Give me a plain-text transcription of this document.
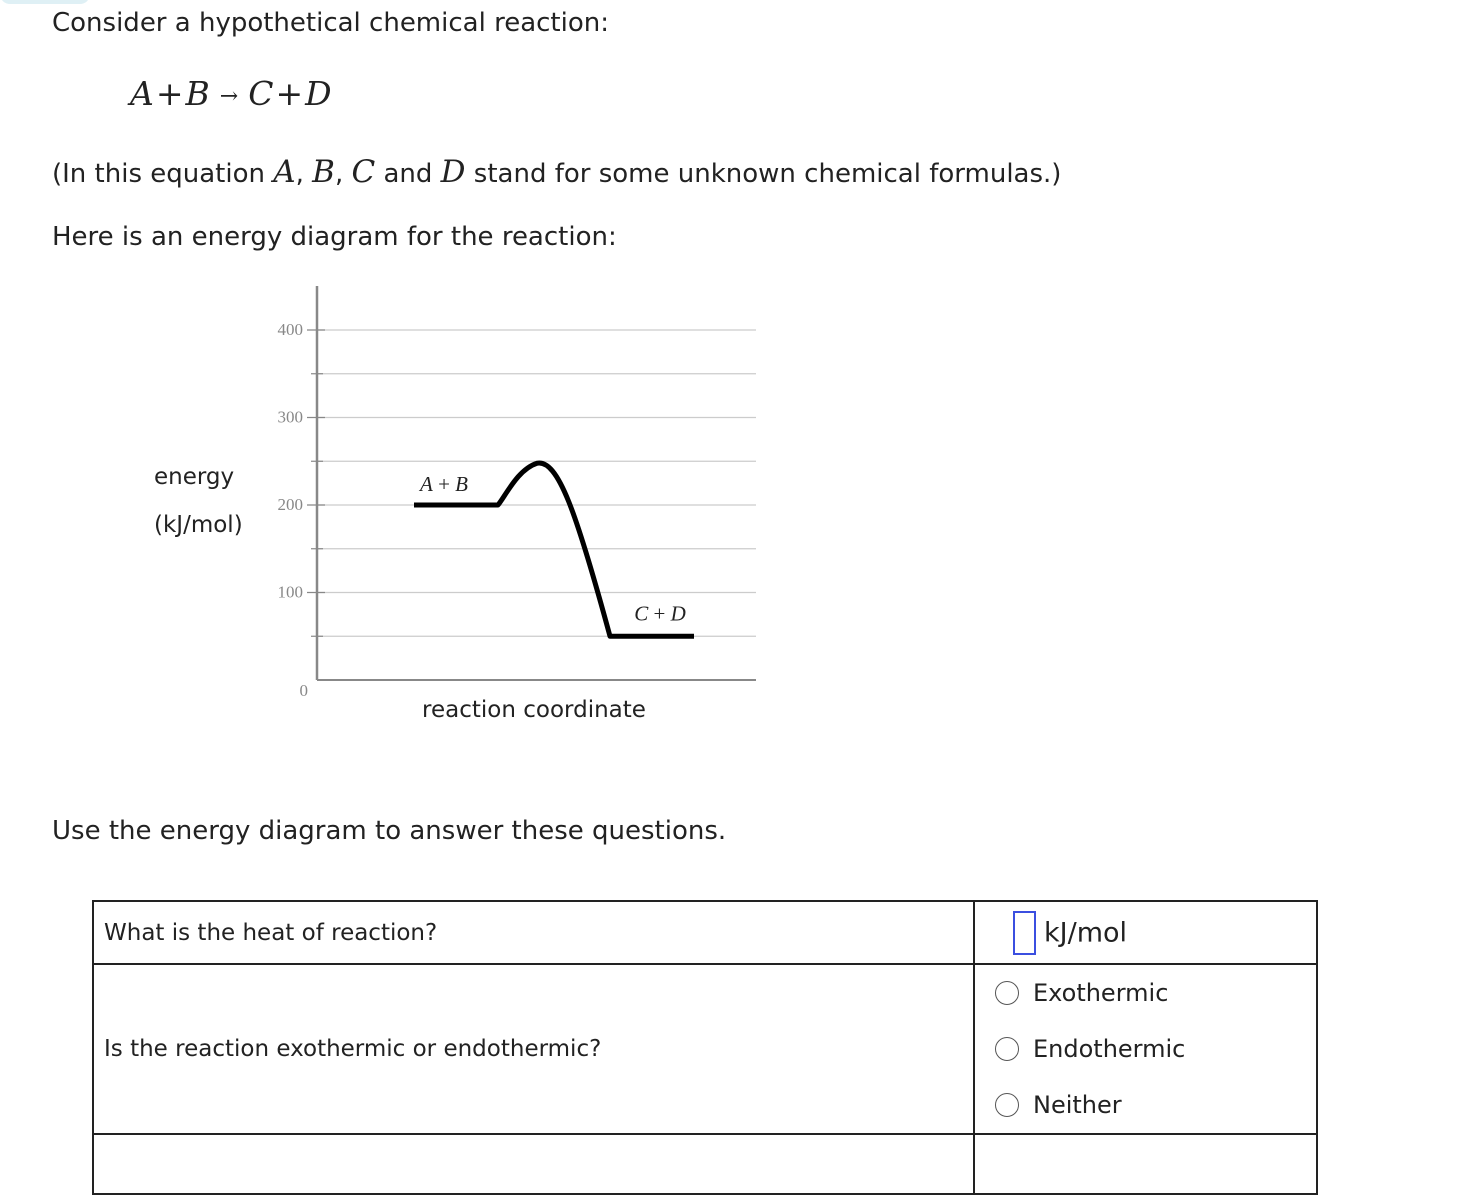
Consider a hypothetical chemical reaction:
A+B → C+D
(In this equation A, B, C and D stand for some unknown chemical formulas.)
Here is an energy diagram for the reaction:
0
100
200
300
400
energy
(kJ/mol)
reaction coordinate
A + B
C + D
Use the energy diagram to answer these questions.
What is the heat of reaction?	kJ/mol
Is the reaction exothermic or endothermic?	Exothermic
Endothermic
Neither
